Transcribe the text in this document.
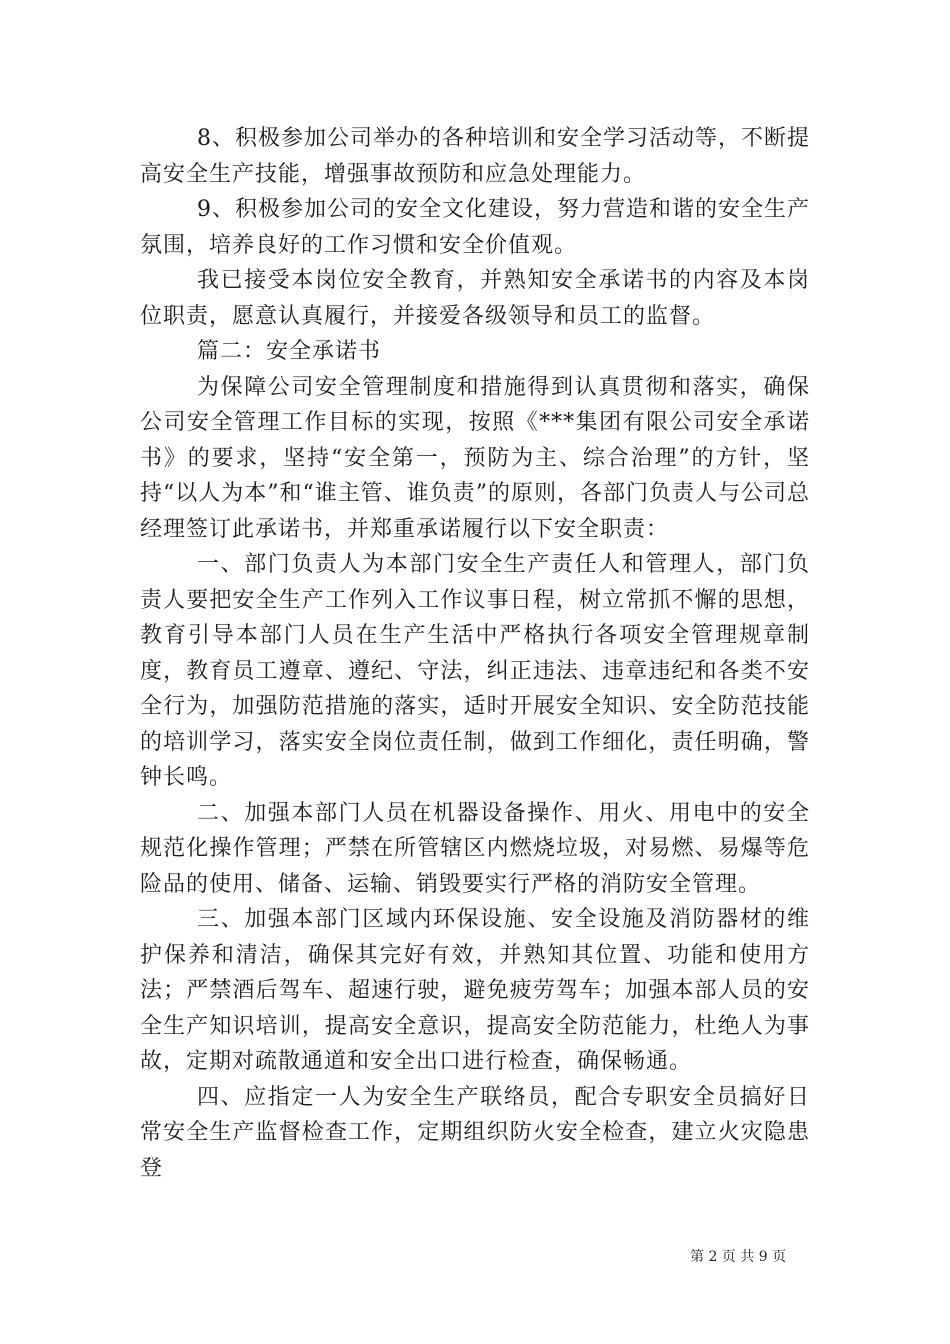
8、积极参加公司举办的各种培训和安全学习活动等，不断提高安全生产技能，增强事故预防和应急处理能力。

9、积极参加公司的安全文化建设，努力营造和谐的安全生产氛围，培养良好的工作习惯和安全价值观。

我已接受本岗位安全教育，并熟知安全承诺书的内容及本岗位职责，愿意认真履行，并接爱各级领导和员工的监督。

篇二：安全承诺书

为保障公司安全管理制度和措施得到认真贯彻和落实，确保公司安全管理工作目标的实现，按照《***集团有限公司安全承诺书》的要求，坚持“安全第一，预防为主、综合治理”的方针，坚持“以人为本”和“谁主管、谁负责”的原则，各部门负责人与公司总经理签订此承诺书，并郑重承诺履行以下安全职责：

一、部门负责人为本部门安全生产责任人和管理人，部门负责人要把安全生产工作列入工作议事日程，树立常抓不懈的思想，教育引导本部门人员在生产生活中严格执行各项安全管理规章制度，教育员工遵章、遵纪、守法，纠正违法、违章违纪和各类不安全行为，加强防范措施的落实，适时开展安全知识、安全防范技能的培训学习，落实安全岗位责任制，做到工作细化，责任明确，警钟长鸣。

二、加强本部门人员在机器设备操作、用火、用电中的安全规范化操作管理；严禁在所管辖区内燃烧垃圾，对易燃、易爆等危险品的使用、储备、运输、销毁要实行严格的消防安全管理。

三、加强本部门区域内环保设施、安全设施及消防器材的维护保养和清洁，确保其完好有效，并熟知其位置、功能和使用方法；严禁酒后驾车、超速行驶，避免疲劳驾车；加强本部人员的安全生产知识培训，提高安全意识，提高安全防范能力，杜绝人为事故，定期对疏散通道和安全出口进行检查，确保畅通。

四、应指定一人为安全生产联络员，配合专职安全员搞好日常安全生产监督检查工作，定期组织防火安全检查，建立火灾隐患登

第 2 页 共 9 页
